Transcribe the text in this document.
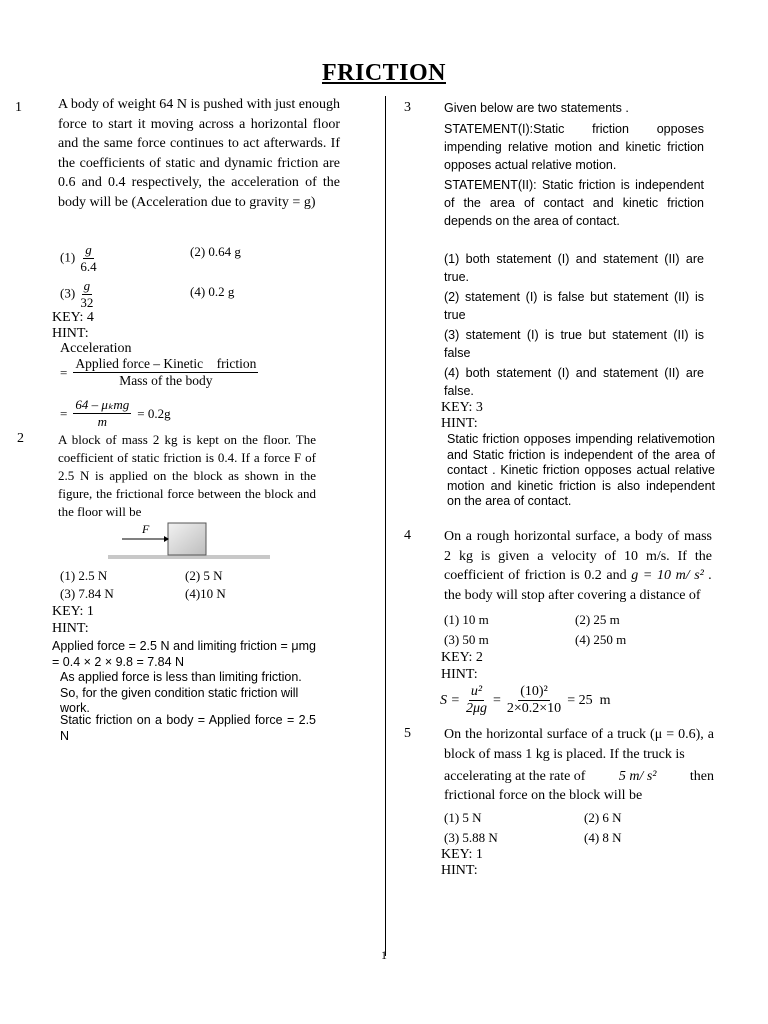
FRICTION
1	A body of weight 64 N is pushed with just enough force to start it moving across a horizontal floor and the same force continues to act afterwards. If the coefficients of static and dynamic friction are 0.6 and 0.4 respectively, the acceleration of the body will be (Acceleration due to gravity = g)
$(1) \frac{g}{6.4}$	(2) 0.64 g
$(3) \frac{g}{32}$	(4) 0.2 g
KEY: 4
HINT:
Acceleration
= $\frac{\text{Applied force – Kinetic    friction}}{\text{Mass of the body}}$
= $\frac{\text{64 – μₖmg}}{m} = 0.2g$
2	A block of mass 2 kg is kept on the floor. The coefficient of static friction is 0.4. If a force F of 2.5 N is applied on the block as shown in the figure, the frictional force between the block and the floor will be
F
(1) 2.5 N	(2) 5 N
(3) 7.84 N	(4)10 N
KEY: 1
HINT:
Applied force = 2.5 N and limiting friction = μmg = 0.4 × 2 × 9.8 = 7.84 N
As applied force is less than limiting friction. So, for the given condition static friction will work.
Static friction on a body = Applied force = 2.5 N
3	Given below are two statements .
STATEMENT(I):Static friction opposes impending relative motion and kinetic friction opposes actual relative motion.
STATEMENT(II): Static friction is independent of the area of contact and kinetic friction depends on the area of contact.
(1) both statement (I) and statement (II) are true.
(2) statement (I) is false but statement (II) is true
(3) statement (I) is true but statement (II) is false
(4) both statement (I) and statement (II) are false.
KEY: 3
HINT:
Static friction opposes impending relativemotion and Static friction is independent of the area of contact . Kinetic friction opposes actual relative motion and kinetic friction is also independent on the area of contact.
4 On a rough horizontal surface, a body of mass 2 kg is given a velocity of 10 m/s. If the coefficient of friction is 0.2 and g = 10 m/ s² . the body will stop after covering a distance of
(1) 10 m	(2) 25 m
(3) 50 m	(4) 250 m
KEY: 2
HINT:
$S = \frac{\text{u²}}{2\mu g} = \frac{\text{(10)²}}{2\times 0.2\times 10} = 25$  m
5 On the horizontal surface of a truck (μ = 0.6), a block of mass 1 kg is placed. If the truck is
accelerating at the rate of 5 m/ s² then
frictional force on the block will be
(1) 5 N	(2) 6 N
(3) 5.88 N	(4) 8 N
KEY: 1
HINT:
1
